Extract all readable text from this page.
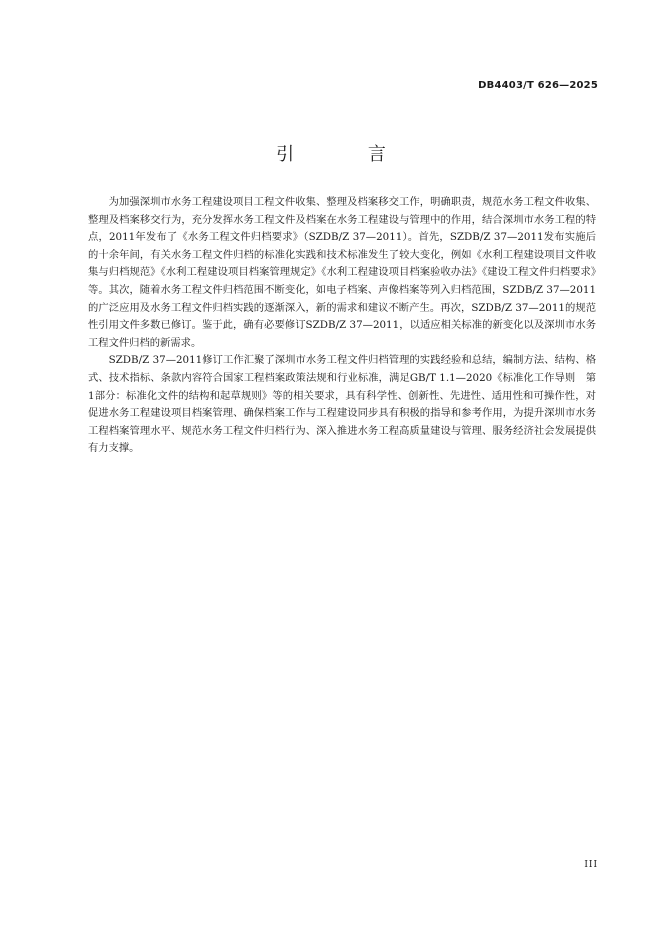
DB4403/T 626—2025
引 言

为加强深圳市水务工程建设项目工程文件收集、整理及档案移交工作，明确职责，规范水务工程文件收集、整理及档案移交行为，充分发挥水务工程文件及档案在水务工程建设与管理中的作用，结合深圳市水务工程的特点，2011年发布了《水务工程文件归档要求》（SZDB/Z 37—2011）。首先，SZDB/Z 37—2011发布实施后的十余年间，有关水务工程文件归档的标准化实践和技术标准发生了较大变化，例如《水利工程建设项目文件收集与归档规范》《水利工程建设项目档案管理规定》《水利工程建设项目档案验收办法》《建设工程文件归档要求》等。其次，随着水务工程文件归档范围不断变化，如电子档案、声像档案等列入归档范围，SZDB/Z 37—2011的广泛应用及水务工程文件归档实践的逐渐深入，新的需求和建议不断产生。再次，SZDB/Z 37—2011的规范性引用文件多数已修订。鉴于此，确有必要修订SZDB/Z 37—2011，以适应相关标准的新变化以及深圳市水务工程文件归档的新需求。

SZDB/Z 37—2011修订工作汇聚了深圳市水务工程文件归档管理的实践经验和总结，编制方法、结构、格式、技术指标、条款内容符合国家工程档案政策法规和行业标准，满足GB/T 1.1—2020《标准化工作导则　第1部分：标准化文件的结构和起草规则》等的相关要求，具有科学性、创新性、先进性、适用性和可操作性，对促进水务工程建设项目档案管理、确保档案工作与工程建设同步具有积极的指导和参考作用，为提升深圳市水务工程档案管理水平、规范水务工程文件归档行为、深入推进水务工程高质量建设与管理、服务经济社会发展提供有力支撑。

III
